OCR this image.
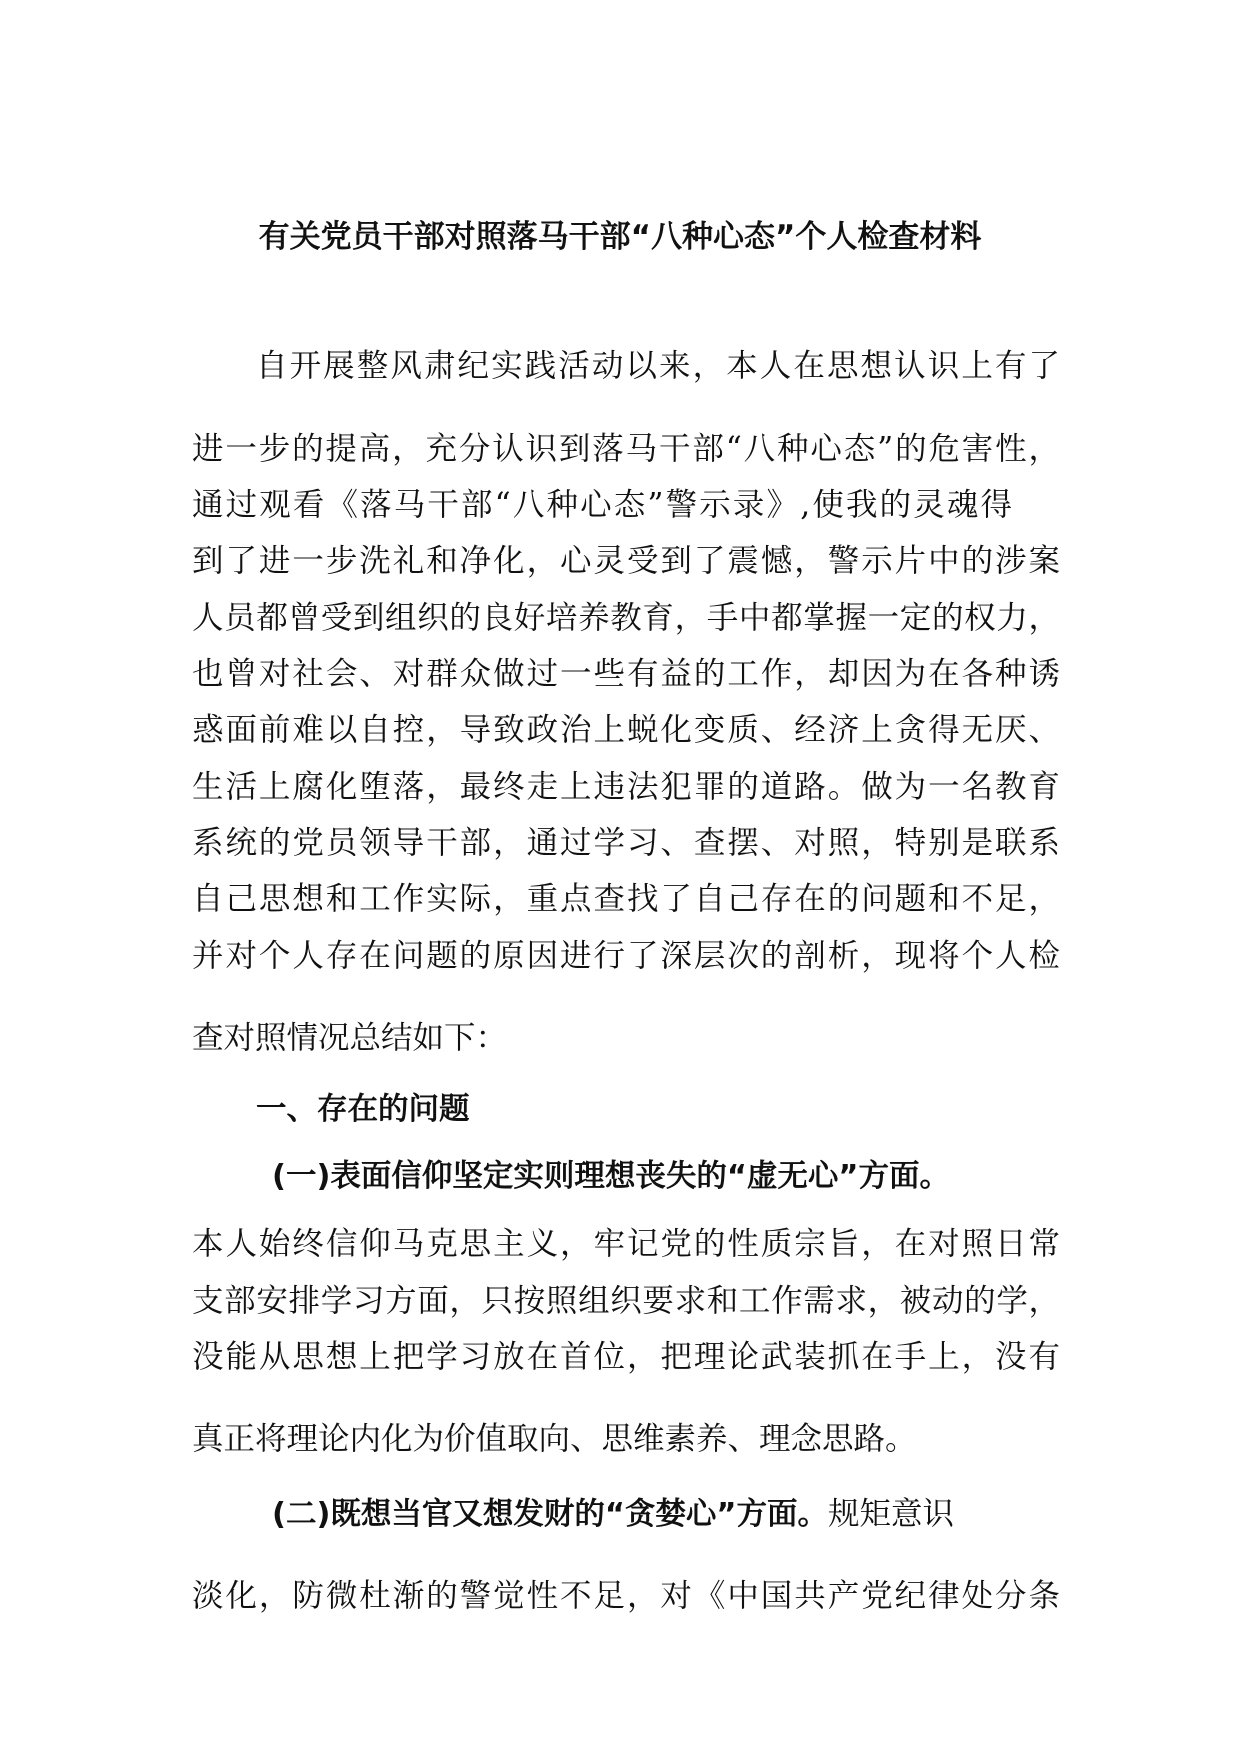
有关党员干部对照落马干部“八种心态”个人检查材料
自开展整风肃纪实践活动以来，本人在思想认识上有了
进一步的提高，充分认识到落马干部“八种心态”的危害性，
通过观看《落马干部“八种心态”警示录》,使我的灵魂得
到了进一步洗礼和净化，心灵受到了震憾，警示片中的涉案
人员都曾受到组织的良好培养教育，手中都掌握一定的权力，
也曾对社会、对群众做过一些有益的工作，却因为在各种诱
惑面前难以自控，导致政治上蜕化变质、经济上贪得无厌、
生活上腐化堕落，最终走上违法犯罪的道路。做为一名教育
系统的党员领导干部，通过学习、查摆、对照，特别是联系
自己思想和工作实际，重点查找了自己存在的问题和不足，
并对个人存在问题的原因进行了深层次的剖析，现将个人检
查对照情况总结如下：
一、存在的问题
(一)表面信仰坚定实则理想丧失的“虚无心”方面。
本人始终信仰马克思主义，牢记党的性质宗旨，在对照日常
支部安排学习方面，只按照组织要求和工作需求，被动的学，
没能从思想上把学习放在首位，把理论武装抓在手上，没有
真正将理论内化为价值取向、思维素养、理念思路。
(二)既想当官又想发财的“贪婪心”方面。规矩意识
淡化，防微杜渐的警觉性不足，对《中国共产党纪律处分条
